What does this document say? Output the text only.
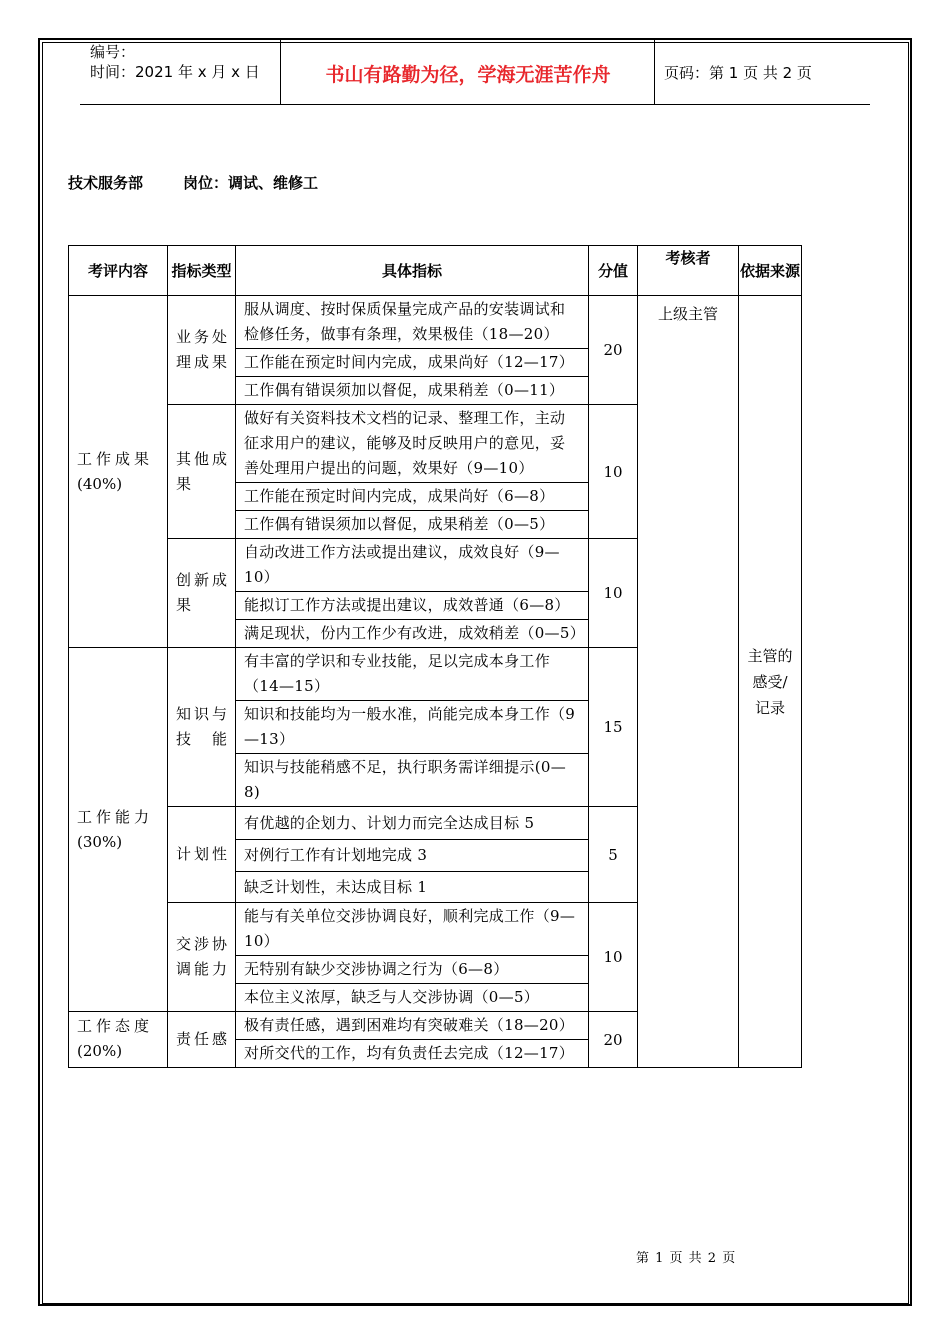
编号：
时间：2021 年 x 月 x 日	书山有路勤为径，学海无涯苦作舟	页码：第 1 页 共 2 页
技术服务部	岗位：调试、维修工
考评内容	指标类型	具体指标	分值	考核者	依据来源

工作成果
(40%)	业务处理成果	服从调度、按时保质保量完成产品的安装调试和检修任务，做事有条理，效果极佳（18—20）	20	上级主管	主管的感受/记录
		工作能在预定时间内完成，成果尚好（12—17）			
		工作偶有错误须加以督促，成果稍差（0—11）			
	其他成果	做好有关资料技术文档的记录、整理工作，主动征求用户的建议，能够及时反映用户的意见，妥善处理用户提出的问题，效果好（9—10）	10		
		工作能在预定时间内完成，成果尚好（6—8）			
		工作偶有错误须加以督促，成果稍差（0—5）			
	创新成果	自动改进工作方法或提出建议，成效良好（9—10）	10		
		能拟订工作方法或提出建议，成效普通（6—8）			
		满足现状，份内工作少有改进，成效稍差（0—5）			

工作能力
(30%)	知识与技能	有丰富的学识和专业技能，足以完成本身工作（14—15）	15		
		知识和技能均为一般水准，尚能完成本身工作（9—13）			
		知识与技能稍感不足，执行职务需详细提示(0—8)			
	计划性	有优越的企划力、计划力而完全达成目标 5	5		
		对例行工作有计划地完成 3			
		缺乏计划性，未达成目标 1			
	交涉协调能力	能与有关单位交涉协调良好，顺利完成工作（9—10）	10		
		无特别有缺少交涉协调之行为（6—8）			
		本位主义浓厚，缺乏与人交涉协调（0—5）			

工作态度
(20%)	责任感	极有责任感，遇到困难均有突破难关（18—20）	20		
		对所交代的工作，均有负责任去完成（12—17）			
第 1 页 共 2 页
